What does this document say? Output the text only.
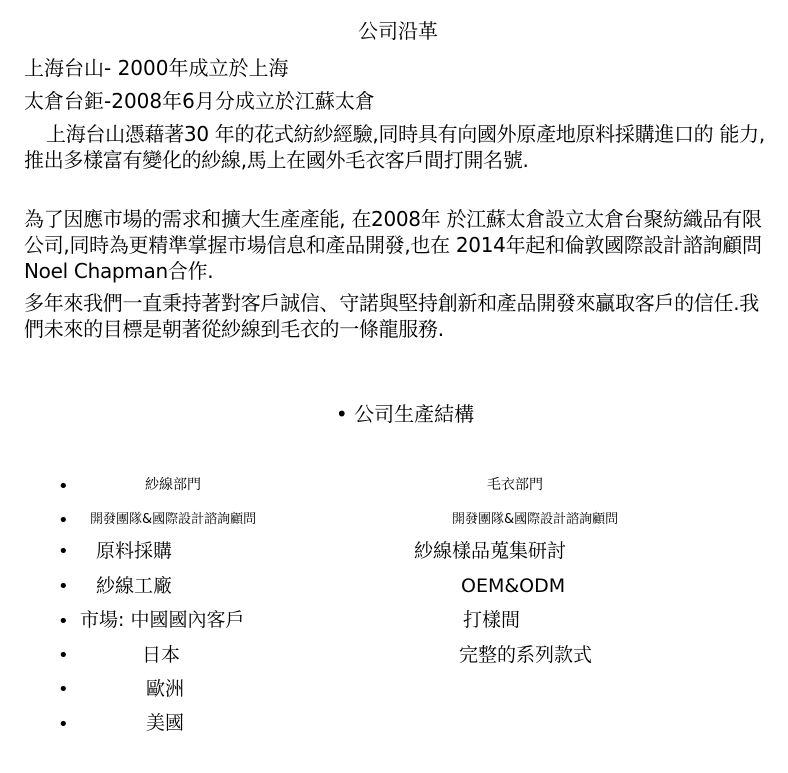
公司沿革
上海台山- 2000年成立於上海
太倉台鉅-2008年6月分成立於江蘇太倉
上海台山憑藉著30 年的花式紡紗經驗,同時具有向國外原產地原料採購進口的 能力,推出多樣富有變化的紗線,馬上在國外毛衣客戶間打開名號.
為了因應市場的需求和擴大生產產能, 在2008年 於江蘇太倉設立太倉台聚紡織品有限公司,同時為更精準掌握市場信息和產品開發,也在 2014年起和倫敦國際設計諮詢顧問Noel Chapman合作.
多年來我們一直秉持著對客戶誠信、守諾與堅持創新和產品開發來贏取客戶的信任.我們未來的目標是朝著從紗線到毛衣的一條龍服務.
• 公司生產結構
•	紗線部門	毛衣部門
• 開發團隊&國際設計諮詢顧問	開發團隊&國際設計諮詢顧問
• 原料採購	紗線樣品蒐集研討
• 紗線工廠	OEM&ODM
• 市場: 中國國內客戶	打樣間
•	日本	完整的系列款式
•	歐洲
•	美國
